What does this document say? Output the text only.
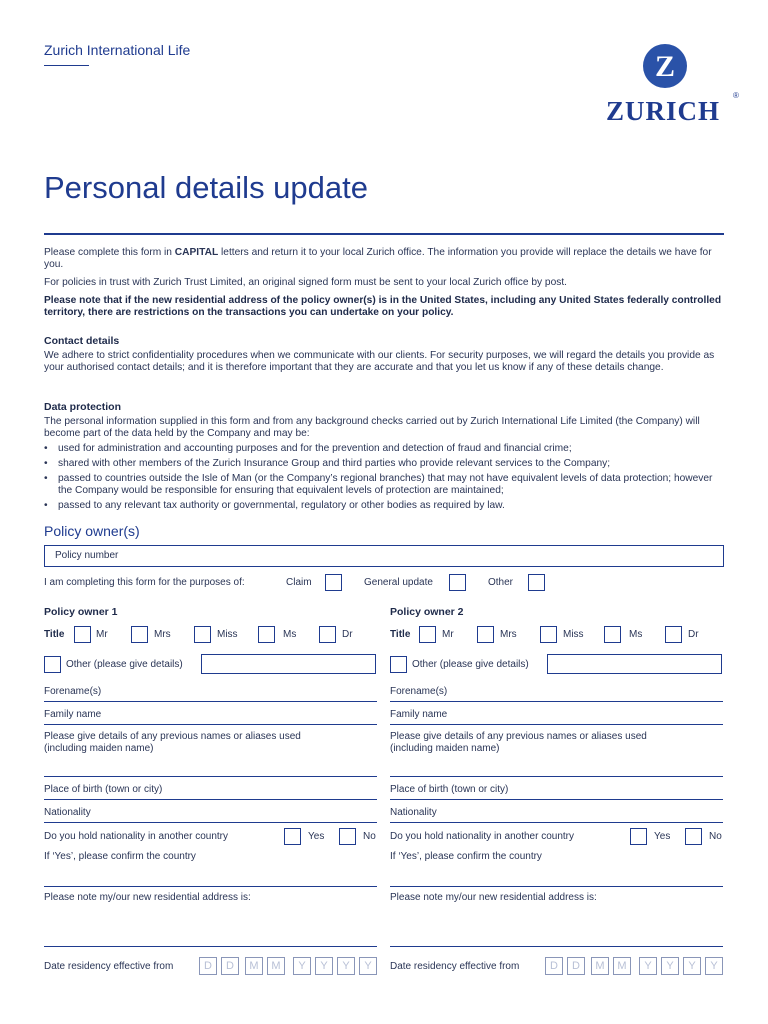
Zurich International Life	Z
ZURICH
®
Personal details update

Please complete this form in CAPITAL letters and return it to your local Zurich office. The information you provide will replace the details we have for you.

For policies in trust with Zurich Trust Limited, an original signed form must be sent to your local Zurich office by post.

Please note that if the new residential address of the policy owner(s) is in the United States, including any United States federally controlled territory, there are restrictions on the transactions you can undertake on your policy.

Contact details

We adhere to strict confidentiality procedures when we communicate with our clients. For security purposes, we will regard the details you provide as your authorised contact details; and it is therefore important that they are accurate and that you let us know if any of these details change.

Data protection

The personal information supplied in this form and from any background checks carried out by Zurich International Life Limited (the Company) will become part of the data held by the Company and may be:

• used for administration and accounting purposes and for the prevention and detection of fraud and financial crime;
• shared with other members of the Zurich Insurance Group and third parties who provide relevant services to the Company;
• passed to countries outside the Isle of Man (or the Company’s regional branches) that may not have equivalent levels of data protection; however the Company would be responsible for ensuring that equivalent levels of protection are maintained;
• passed to any relevant tax authority or governmental, regulatory or other bodies as required by law.
Policy owner(s)
Policy number
I am completing this form for the purposes of:	Claim	General update	Other
Policy owner 1
Title	Mr	Mrs	Miss	Ms	Dr
Other (please give details)
Forename(s)
Family name
Please give details of any previous names or aliases used
(including maiden name)
Place of birth (town or city)
Nationality
Do you hold nationality in another country	Yes	No
If ‘Yes’, please confirm the country
Please note my/our new residential address is:
Date residency effective from	D	D	M	M	Y	Y	Y	Y
Policy owner 2
Title	Mr	Mrs	Miss	Ms	Dr
Other (please give details)
Forename(s)
Family name
Please give details of any previous names or aliases used
(including maiden name)
Place of birth (town or city)
Nationality
Do you hold nationality in another country	Yes	No
If ‘Yes’, please confirm the country
Please note my/our new residential address is:
Date residency effective from	D	D	M	M	Y	Y	Y	Y
